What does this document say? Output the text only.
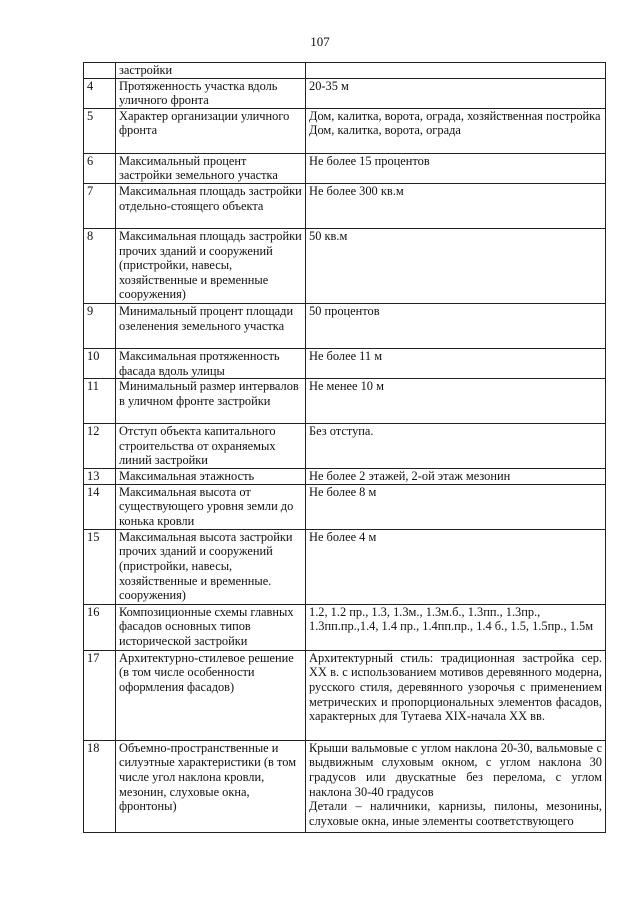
107
	застройки	

4	Протяженность участка вдоль уличного фронта	20-35 м

5	Характер организации уличного фронта	Дом, калитка, ворота, ограда, хозяйственная постройка
Дом, калитка, ворота, ограда

6	Максимальный процент застройки земельного участка	Не более 15 процентов

7	Максимальная площадь застройки отдельно-стоящего объекта	Не более 300 кв.м

8	Максимальная площадь застройки прочих зданий и сооружений (пристройки, навесы, хозяйственные и временные сооружения)	50 кв.м

9	Минимальный процент площади озеленения земельного участка	50 процентов

10	Максимальная протяженность фасада вдоль улицы	Не более 11 м

11	Минимальный размер интервалов в уличном фронте застройки	Не менее 10 м

12	Отступ объекта капитального строительства от охраняемых линий застройки	Без отступа.

13	Максимальная этажность	Не более 2 этажей, 2-ой этаж мезонин

14	Максимальная высота от существующего уровня земли до конька кровли	Не более 8 м

15	Максимальная высота застройки прочих зданий и сооружений (пристройки, навесы, хозяйственные и временные. сооружения)	Не более 4 м

16	Композиционные схемы главных фасадов основных типов исторической застройки	1.2, 1.2 пр., 1.3, 1.3м., 1.3м.б., 1.3пп., 1.3пр., 1.3пп.пр.,1.4, 1.4 пр., 1.4пп.пр., 1.4 б., 1.5, 1.5пр., 1.5м

17	Архитектурно-стилевое решение (в том числе особенности оформления фасадов)	Архитектурный стиль: традиционная застройка сер. XX в. с использованием мотивов деревянного модерна, русского стиля, деревянного узорочья с применением метрических и пропорциональных элементов фасадов, характерных для Тутаева XIX-начала XX вв.

18	Объемно-пространственные и силуэтные характеристики (в том числе угол наклона кровли, мезонин, слуховые окна, фронтоны)	Крыши вальмовые с углом наклона 20-30, вальмовые с выдвижным слуховым окном, с углом наклона 30 градусов или двускатные без перелома, с углом наклона 30-40 градусов
Детали – наличники, карнизы, пилоны, мезонины, слуховые окна, иные элементы соответствующего
